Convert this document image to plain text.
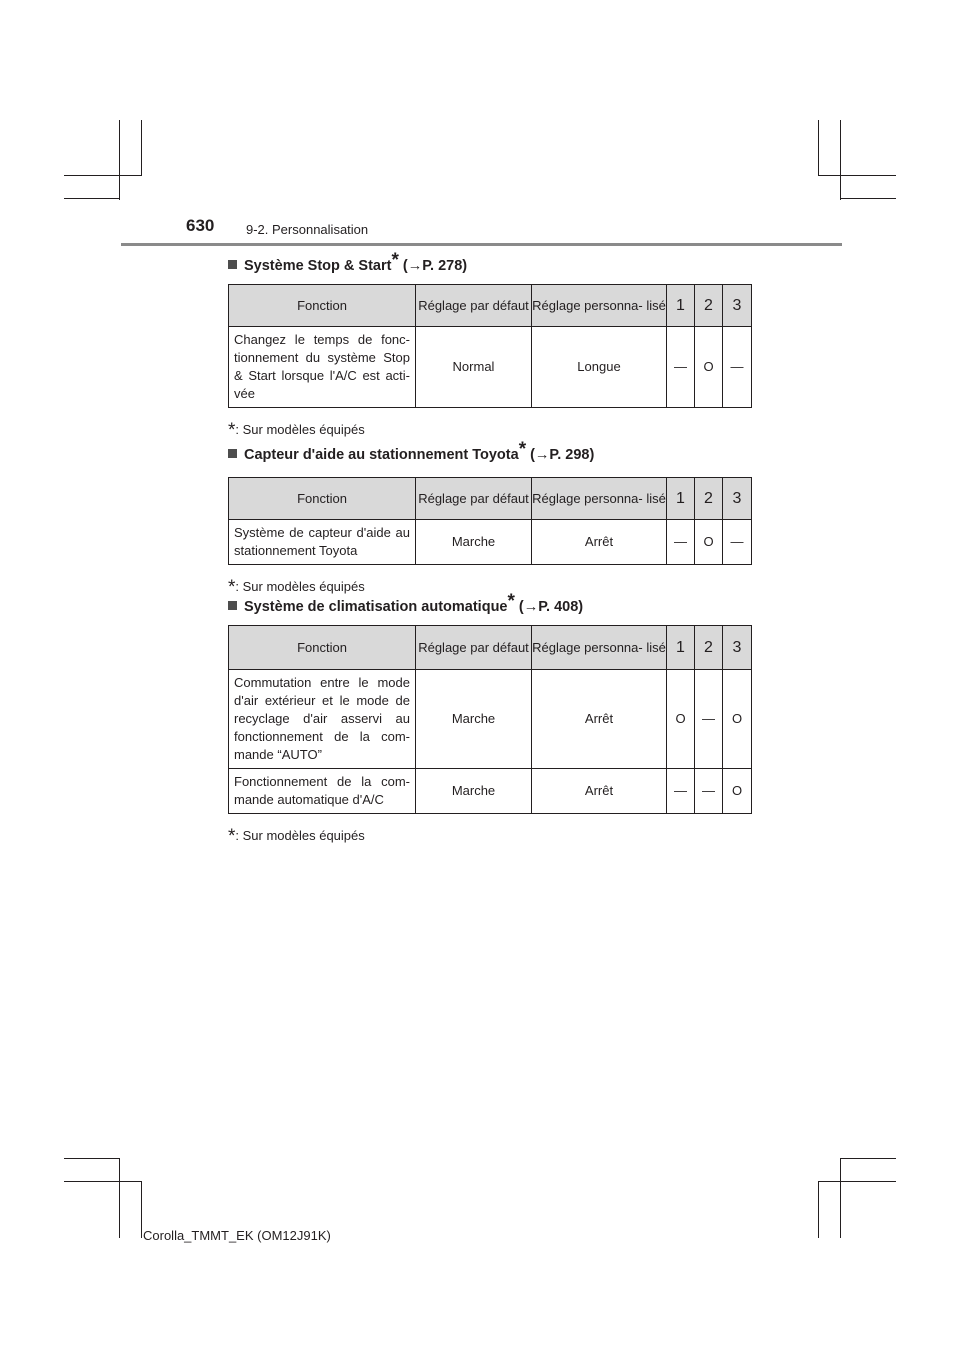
630 9-2. Personnalisation
Système Stop & Start * (→P. 278)
Fonction	Réglage par défaut	Réglage personna- lisé	1	2	3
Changez le temps de fonc- tionnement du système Stop & Start lorsque l'A/C est acti- vée	Normal	Longue	—	O	—
*: Sur modèles équipés
Capteur d'aide au stationnement Toyota * (→P. 298)
Fonction	Réglage par défaut	Réglage personna- lisé	1	2	3
Système de capteur d'aide au stationnement Toyota	Marche	Arrêt	—	O	—
*: Sur modèles équipés
Système de climatisation automatique * (→P. 408)
Fonction	Réglage par défaut	Réglage personna- lisé	1	2	3
Commutation entre le mode d'air extérieur et le mode de recyclage d'air asservi au fonctionnement de la com- mande “AUTO”	Marche	Arrêt	O	—	O
Fonctionnement de la com- mande automatique d'A/C	Marche	Arrêt	—	—	O
*: Sur modèles équipés
Corolla_TMMT_EK (OM12J91K)
